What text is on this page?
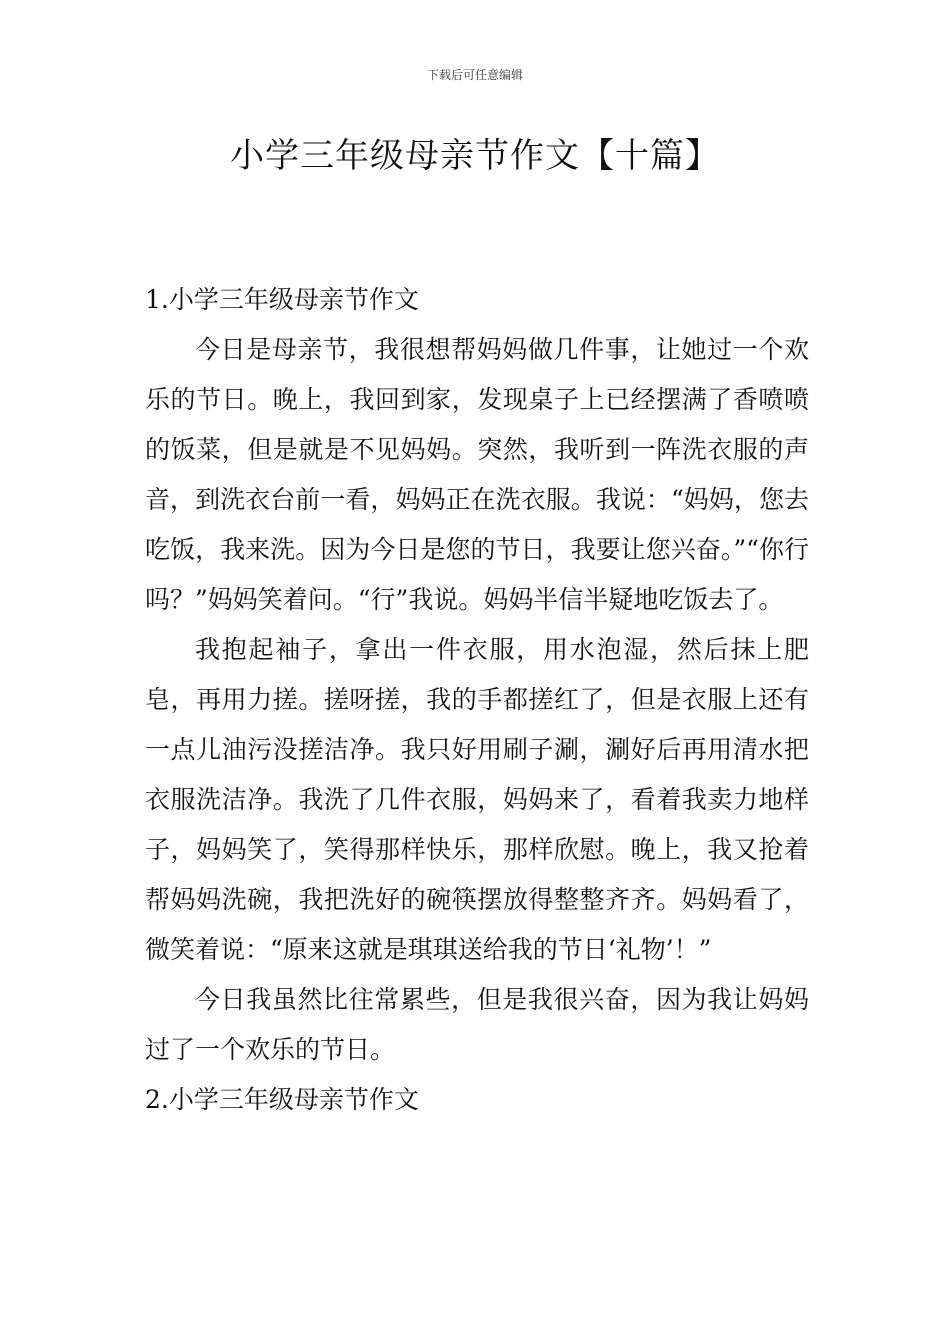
下载后可任意编辑
小学三年级母亲节作文【十篇】
1.小学三年级母亲节作文

今日是母亲节，我很想帮妈妈做几件事，让她过一个欢乐的节日。晚上，我回到家，发现桌子上已经摆满了香喷喷的饭菜，但是就是不见妈妈。突然，我听到一阵洗衣服的声音，到洗衣台前一看，妈妈正在洗衣服。我说：“妈妈，您去吃饭，我来洗。因为今日是您的节日，我要让您兴奋。”“你行吗？”妈妈笑着问。“行”我说。妈妈半信半疑地吃饭去了。

我抱起袖子，拿出一件衣服，用水泡湿，然后抹上肥皂，再用力搓。搓呀搓，我的手都搓红了，但是衣服上还有一点儿油污没搓洁净。我只好用刷子涮，涮好后再用清水把衣服洗洁净。我洗了几件衣服，妈妈来了，看着我卖力地样子，妈妈笑了，笑得那样快乐，那样欣慰。晚上，我又抢着帮妈妈洗碗，我把洗好的碗筷摆放得整整齐齐。妈妈看了，微笑着说：“原来这就是琪琪送给我的节日‘礼物’！”

今日我虽然比往常累些，但是我很兴奋，因为我让妈妈过了一个欢乐的节日。

2.小学三年级母亲节作文
